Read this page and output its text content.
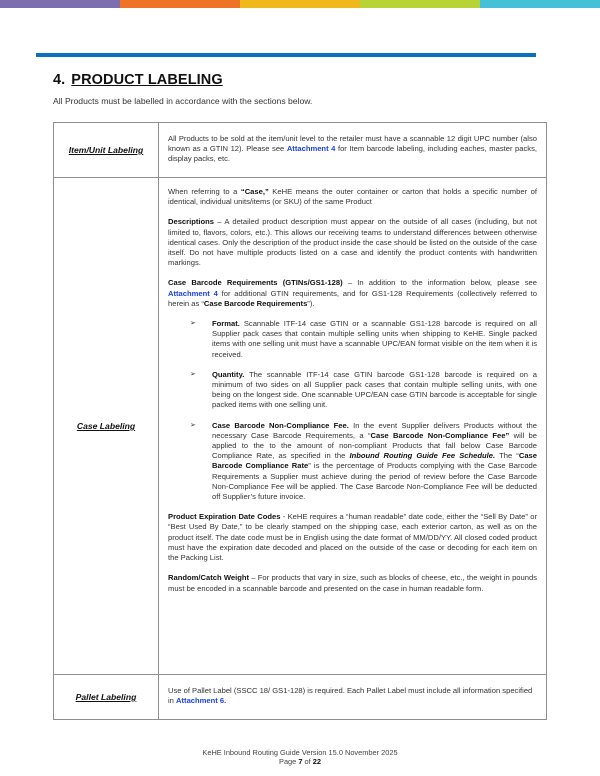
4. PRODUCT LABELING
All Products must be labelled in accordance with the sections below.
Item/Unit Labeling
All Products to be sold at the item/unit level to the retailer must have a scannable 12 digit UPC number (also known as a GTIN 12). Please see Attachment 4 for Item barcode labeling, including eaches, master packs, display packs, etc.
Case Labeling

When referring to a “Case,” KeHE means the outer container or carton that holds a specific number of identical, individual units/items (or SKU) of the same Product

Descriptions – A detailed product description must appear on the outside of all cases (including, but not limited to, flavors, colors, etc.). This allows our receiving teams to understand differences between otherwise identical cases. Only the description of the product inside the case should be listed on the outside of the case itself. Do not have multiple products listed on a case and identify the product contents with handwritten markings.

Case Barcode Requirements (GTINs/GS1-128) – In addition to the information below, please see Attachment 4 for additional GTIN requirements, and for GS1-128 Requirements (collectively referred to herein as “Case Barcode Requirements”).

➢	Format. Scannable ITF-14 case GTIN or a scannable GS1-128 barcode is required on all Supplier pack cases that contain multiple selling units when shipping to KeHE. Single packed items with one selling unit must have a scannable UPC/EAN format visible on the item when it is received.
➢	Quantity. The scannable ITF-14 case GTIN barcode GS1-128 barcode is required on a minimum of two sides on all Supplier pack cases that contain multiple selling units, with one being on the longest side. One scannable UPC/EAN case GTIN barcode is acceptable for single packed items with one selling unit.
➢	Case Barcode Non-Compliance Fee. In the event Supplier delivers Products without the necessary Case Barcode Requirements, a “Case Barcode Non-Compliance Fee” will be applied to the to the amount of non-compliant Products that fall below Case Barcode Compliance Rate, as specified in the Inbound Routing Guide Fee Schedule. The “Case Barcode Compliance Rate” is the percentage of Products complying with the Case Barcode Requirements a Supplier must achieve during the period of review before the Case Barcode Non-Compliance Fee will be applied. The Case Barcode Non-Compliance Fee will be deducted off Supplier’s future invoice.

Product Expiration Date Codes - KeHE requires a “human readable” date code, either the “Sell By Date” or “Best Used By Date,” to be clearly stamped on the shipping case, each exterior carton, as well as on the product itself. The date code must be in English using the date format of MM/DD/YY. All closed coded product must have the expiration date decoded and placed on the outside of the case or decoding for each item on the Packing List.

Random/Catch Weight – For products that vary in size, such as blocks of cheese, etc., the weight in pounds must be encoded in a scannable barcode and presented on the case in human readable form.

Pallet Labeling
Use of Pallet Label (SSCC 18/ GS1-128) is required. Each Pallet Label must include all information specified in Attachment 6.
KeHE Inbound Routing Guide Version 15.0 November 2025
Page 7 of 22
